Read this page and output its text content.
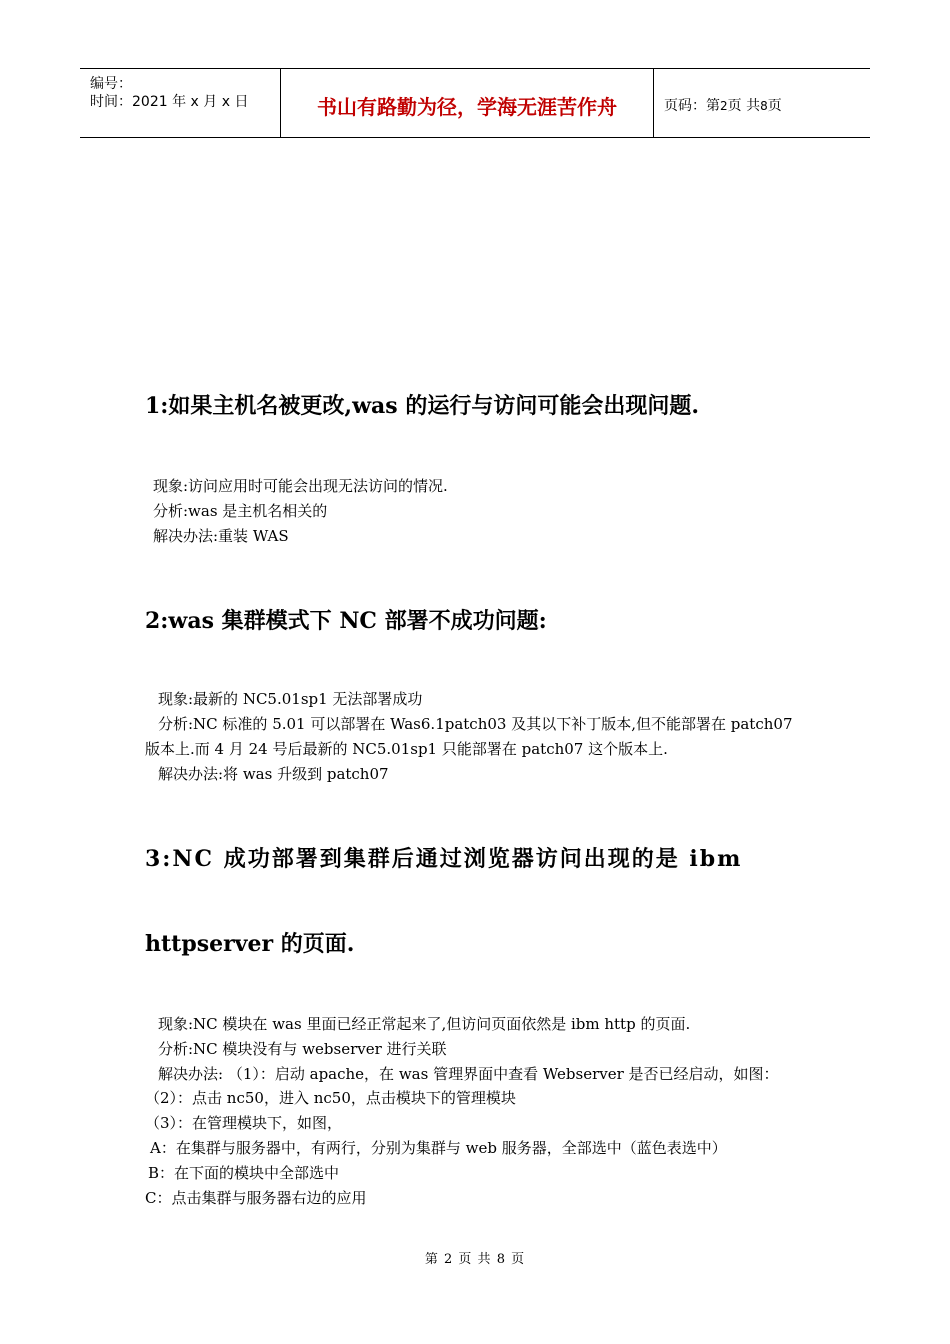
编号：
时间：2021 年 x 月 x 日	书山有路勤为径，学海无涯苦作舟	页码：第2页 共8页
1:如果主机名被更改,was 的运行与访问可能会出现问题.
现象:访问应用时可能会出现无法访问的情况.
分析:was 是主机名相关的
解决办法:重装 WAS
2:was 集群模式下 NC 部署不成功问题:
现象:最新的 NC5.01sp1 无法部署成功
分析:NC 标准的 5.01 可以部署在 Was6.1patch03 及其以下补丁版本,但不能部署在 patch07
版本上.而 4 月 24 号后最新的 NC5.01sp1 只能部署在 patch07 这个版本上.
解决办法:将 was 升级到 patch07
3:NC 成功部署到集群后通过浏览器访问出现的是 ibm
httpserver 的页面.
现象:NC 模块在 was 里面已经正常起来了,但访问页面依然是 ibm http 的页面.
分析:NC 模块没有与 webserver 进行关联
解决办法: （1）：启动 apache，在 was 管理界面中查看 Webserver 是否已经启动，如图：
（2）：点击 nc50，进入 nc50，点击模块下的管理模块
（3）：在管理模块下，如图，
A：在集群与服务器中，有两行，分别为集群与 web 服务器，全部选中（蓝色表选中）
B：在下面的模块中全部选中
C：点击集群与服务器右边的应用
第 2 页 共 8 页
